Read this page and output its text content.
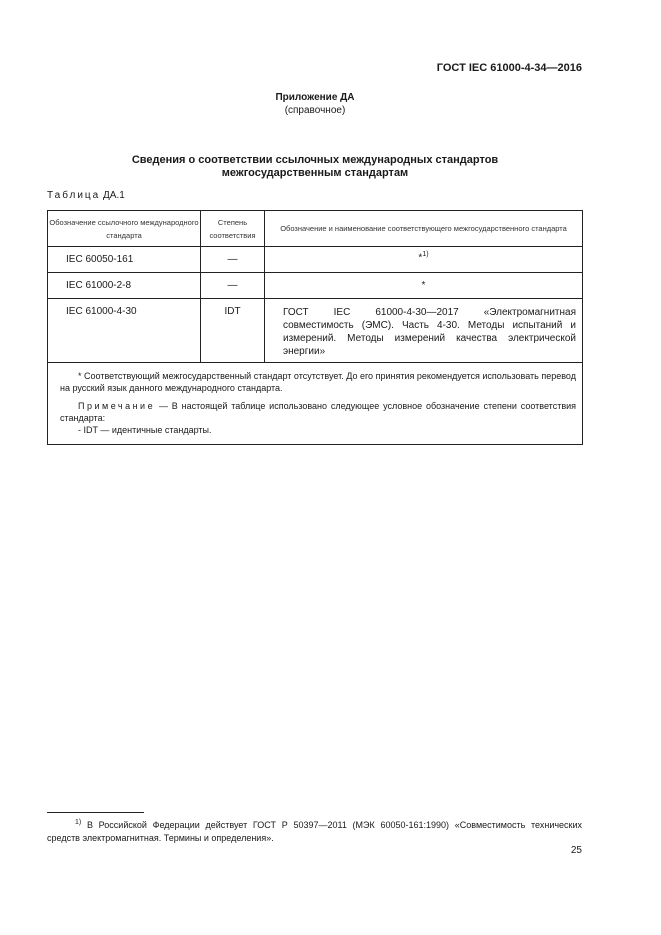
ГОСТ IEC 61000-4-34—2016
Приложение ДА
(справочное)
Сведения о соответствии ссылочных международных стандартов
межгосударственным стандартам
Таблица ДА.1
Обозначение ссылочного международного стандарта	Степень соответствия	Обозначение и наименование соответствующего межгосударственного стандарта
IEC 60050-161	—	*$^{1)}$
IEC 61000-2-8	—	*
IEC 61000-4-30	IDT	ГОСТ IEC 61000-4-30—2017 «Электромагнитная совместимость (ЭМС). Часть 4-30. Методы испытаний и измерений. Методы измерений качества электрической энергии»

* Соответствующий межгосударственный стандарт отсутствует. До его принятия рекомендуется использовать перевод на русский язык данного международного стандарта.

Примечание — В настоящей таблице использовано следующее условное обозначение степени соответствия стандарта:

- IDT — идентичные стандарты.		

$^{1)}$ В Российской Федерации действует ГОСТ Р 50397—2011 (МЭК 60050-161:1990) «Совместимость технических средств электромагнитная. Термины и определения».
25
